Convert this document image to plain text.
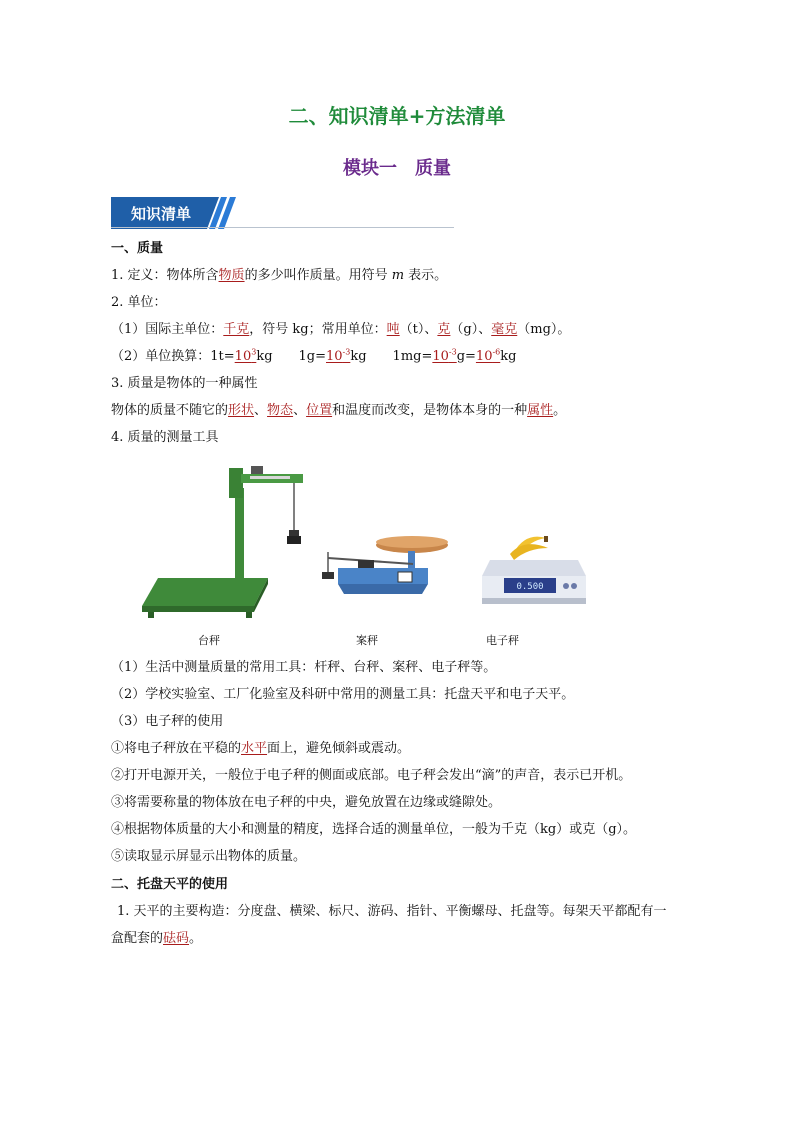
二、知识清单+方法清单
模块一　质量
知识清单
一、质量
1. 定义：物体所含物质的多少叫作质量。用符号 m 表示。
2. 单位：
（1）国际主单位：千克，符号 kg；常用单位：吨（t）、克（g）、毫克（mg）。
（2）单位换算：$1t=10^3kg$　　$1g=10^{-3}kg$　　$1mg=10^{-3}g=10^{-6}kg$
3. 质量是物体的一种属性
物体的质量不随它的形状、物态、位置和温度而改变，是物体本身的一种属性。
4. 质量的测量工具
0.500
台秤	案秤	电子秤
（1）生活中测量质量的常用工具：杆秤、台秤、案秤、电子秤等。
（2）学校实验室、工厂化验室及科研中常用的测量工具：托盘天平和电子天平。
（3）电子秤的使用
①将电子秤放在平稳的水平面上，避免倾斜或震动。
②打开电源开关，一般位于电子秤的侧面或底部。电子秤会发出“滴”的声音，表示已开机。
③将需要称量的物体放在电子秤的中央，避免放置在边缘或缝隙处。
④根据物体质量的大小和测量的精度，选择合适的测量单位，一般为千克（kg）或克（g）。
⑤读取显示屏显示出物体的质量。
二、托盘天平的使用
1. 天平的主要构造：分度盘、横梁、标尺、游码、指针、平衡螺母、托盘等。每架天平都配有一
盒配套的砝码。
